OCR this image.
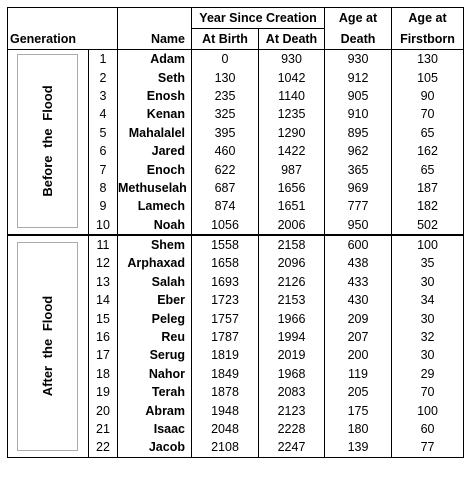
			Year Since Creation		Age at	Age at
Generation		Name	At Birth	At Death	Death	Firstborn

Before the Flood	1	Adam	0	930	930	130
	2	Seth	130	1042	912	105
	3	Enosh	235	1140	905	90
	4	Kenan	325	1235	910	70
	5	Mahalalel	395	1290	895	65
	6	Jared	460	1422	962	162
	7	Enoch	622	987	365	65
	8	Methuselah	687	1656	969	187
	9	Lamech	874	1651	777	182
	10	Noah	1056	2006	950	502

After the Flood	11	Shem	1558	2158	600	100
	12	Arphaxad	1658	2096	438	35
	13	Salah	1693	2126	433	30
	14	Eber	1723	2153	430	34
	15	Peleg	1757	1966	209	30
	16	Reu	1787	1994	207	32
	17	Serug	1819	2019	200	30
	18	Nahor	1849	1968	119	29
	19	Terah	1878	2083	205	70
	20	Abram	1948	2123	175	100
	21	Isaac	2048	2228	180	60
	22	Jacob	2108	2247	139	77
